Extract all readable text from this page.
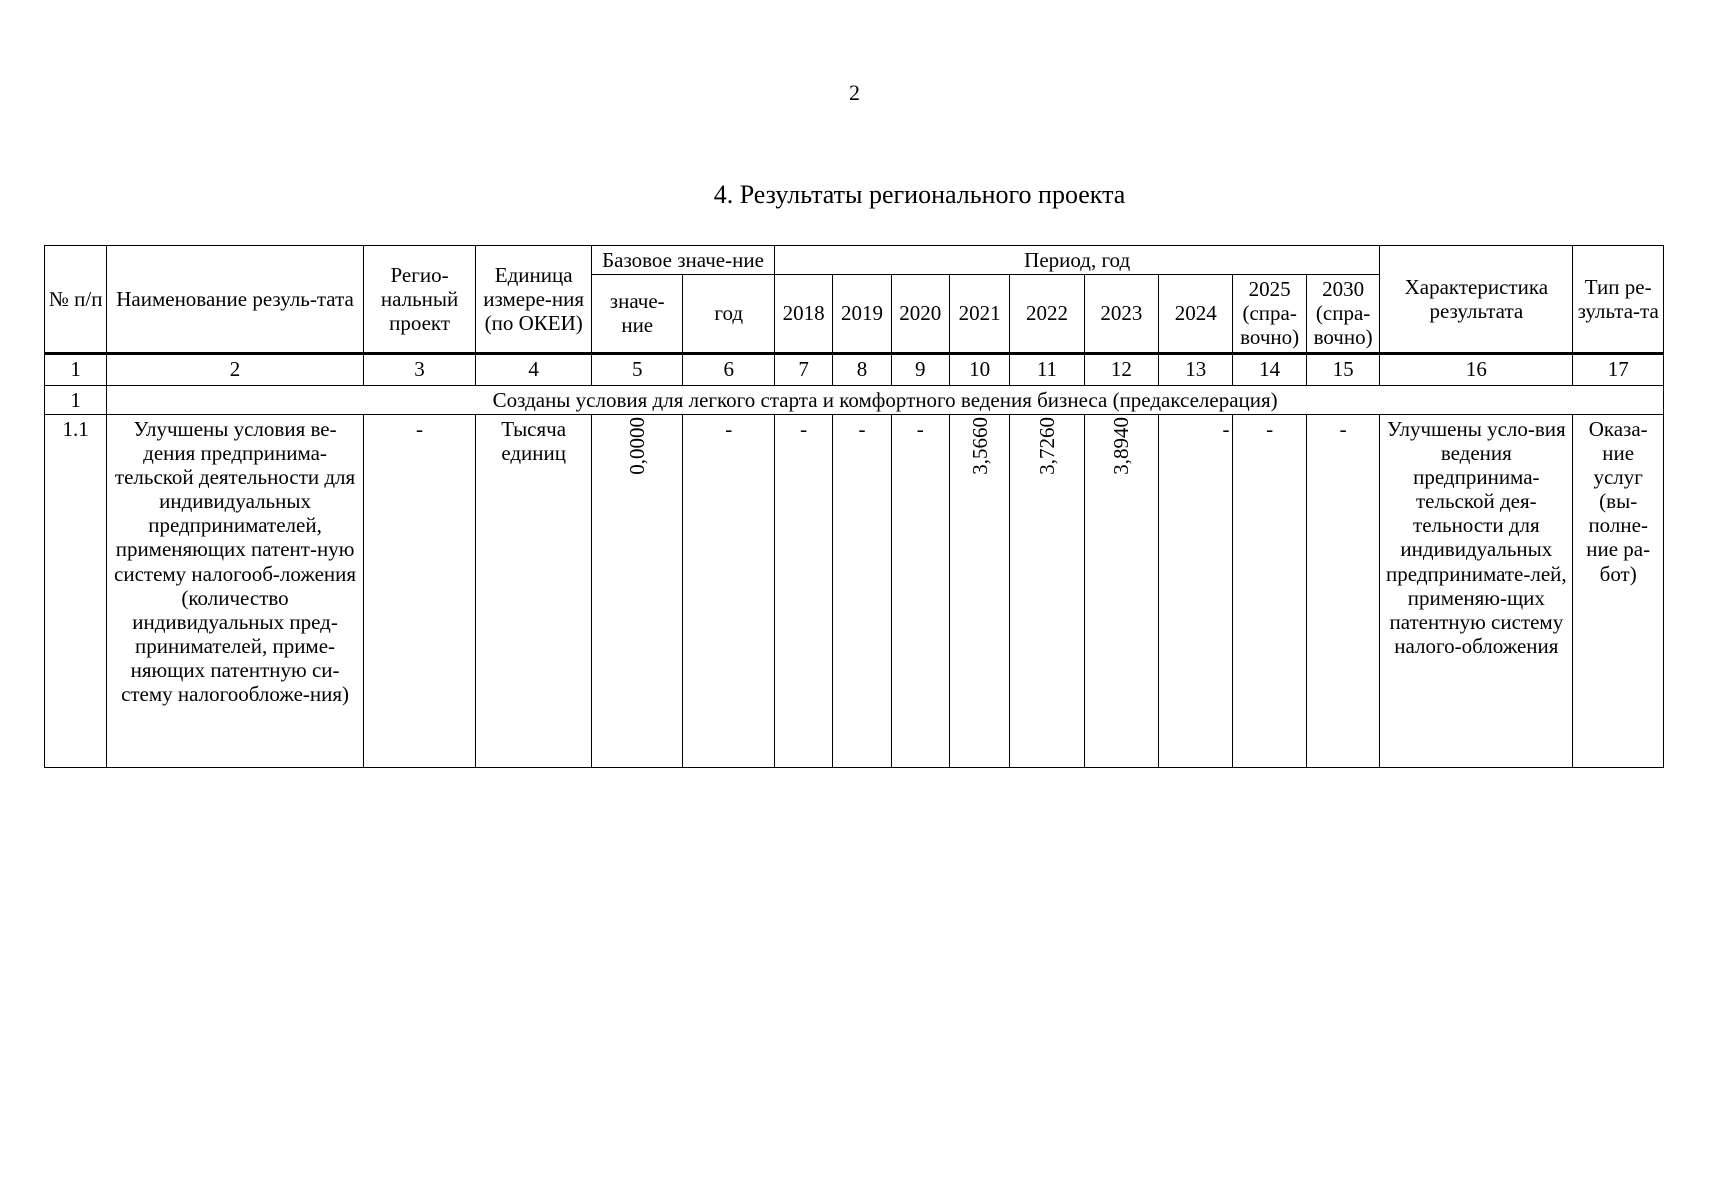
2
4. Результаты регионального проекта
№ п/п	Наименование резуль-тата	Регио-нальный проект	Единица измере-ния (по ОКЕИ)	Базовое значе-ние		Период, год									Характеристика результата	Тип ре-зульта-та
				значе-ние	год	2018	2019	2020	2021	2022	2023	2024	2025 (спра-вочно)	2030 (спра-вочно)		
1	2	3	4	5	6	7	8	9	10	11	12	13	14	15	16	17
1	Созданы условия для легкого старта и комфортного ведения бизнеса (предакселерация)															
1.1	Улучшены условия ве-дения предпринима-тельской деятельности для индивидуальных предпринимателей, применяющих патент-ную систему налогооб-ложения (количество индивидуальных пред-принимателей, приме-няющих патентную си-стему налогообложе-ния)	-	Тысяча единиц	0,0000	-	-	-	-	3,5660	3,7260	3,8940	-	-	-	Улучшены усло-вия ведения предпринима-тельской дея-тельности для индивидуальных предпринимате-лей, применяю-щих патентную систему налого-обложения	Оказа-ние услуг (вы-полне-ние ра-бот)
